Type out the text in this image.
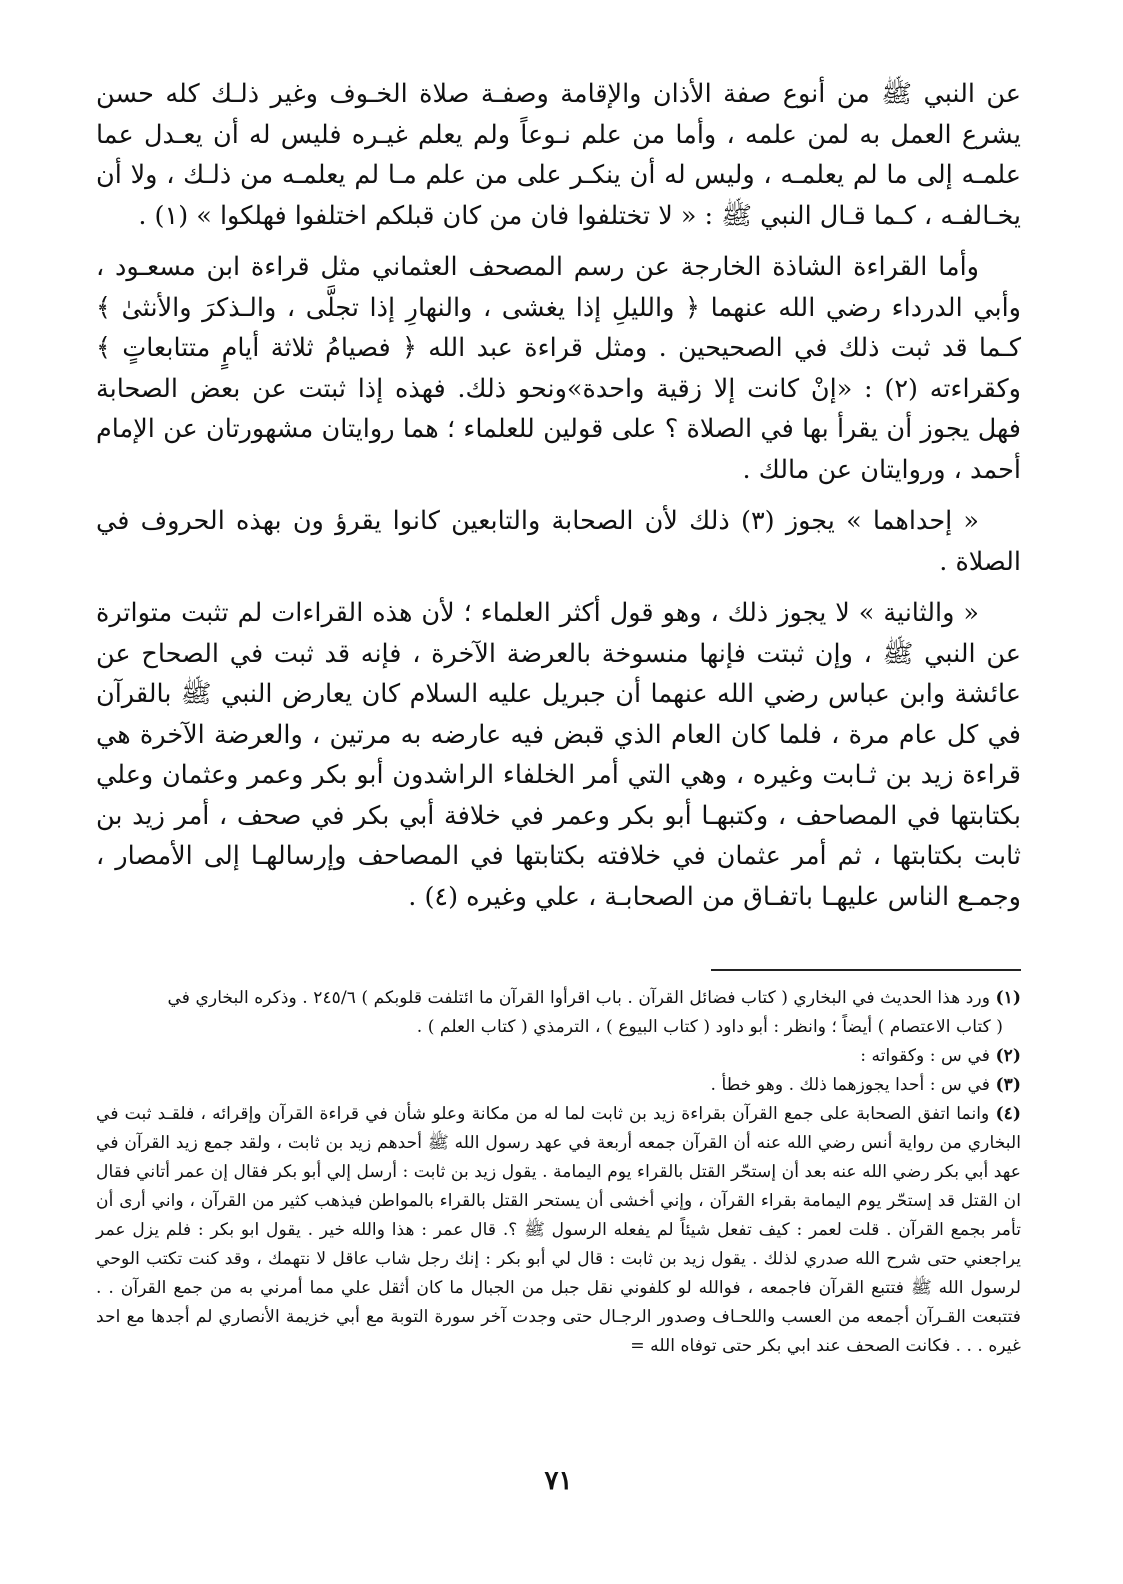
عن النبي ﷺ من أنوع صفة الأذان والإقامة وصفـة صلاة الخـوف وغير ذلـك كله حسن يشرع العمل به لمن علمه ، وأما من علم نـوعاً ولم يعلم غيـره فليس له أن يعـدل عما علمـه إلى ما لم يعلمـه ، وليس له أن ينكـر على من علم مـا لم يعلمـه من ذلـك ، ولا أن يخـالفـه ، كـما قـال النبي ﷺ : « لا تختلفوا فان من كان قبلكم اختلفوا فهلكوا » (١) .

وأما القراءة الشاذة الخارجة عن رسم المصحف العثماني مثل قراءة ابن مسعـود ، وأبي الدرداء رضي الله عنهما ﴿ والليلِ إذا يغشى ، والنهارِ إذا تجلَّى ، والـذكرَ والأنثىٰ ﴾ كـما قد ثبت ذلك في الصحيحين . ومثل قراءة عبد الله ﴿ فصيامُ ثلاثة أيامٍ متتابعاتٍ ﴾ وكقراءته (٢) : «إنْ كانت إلا زقية واحدة»ونحو ذلك. فهذه إذا ثبتت عن بعض الصحابة فهل يجوز أن يقرأ بها في الصلاة ؟ على قولين للعلماء ؛ هما روايتان مشهورتان عن الإمام أحمد ، وروايتان عن مالك .

« إحداهما » يجوز (٣) ذلك لأن الصحابة والتابعين كانوا يقرؤ ون بهذه الحروف في الصلاة .

« والثانية » لا يجوز ذلك ، وهو قول أكثر العلماء ؛ لأن هذه القراءات لم تثبت متواترة عن النبي ﷺ ، وإن ثبتت فإنها منسوخة بالعرضة الآخرة ، فإنه قد ثبت في الصحاح عن عائشة وابن عباس رضي الله عنهما أن جبريل عليه السلام كان يعارض النبي ﷺ بالقرآن في كل عام مرة ، فلما كان العام الذي قبض فيه عارضه به مرتين ، والعرضة الآخرة هي قراءة زيد بن ثـابت وغيره ، وهي التي أمر الخلفاء الراشدون أبو بكر وعمر وعثمان وعلي بكتابتها في المصاحف ، وكتبهـا أبو بكر وعمر في خلافة أبي بكر في صحف ، أمر زيد بن ثابت بكتابتها ، ثم أمر عثمان في خلافته بكتابتها في المصاحف وإرسالهـا إلى الأمصار ، وجمـع الناس عليهـا باتفـاق من الصحابـة ، علي وغيره (٤) .

(١) ورد هذا الحديث في البخاري ( كتاب فضائل القرآن . باب اقرأوا القرآن ما ائتلفت قلوبكم ) ٢٤٥/٦ . وذكره البخاري في

( كتاب الاعتصام ) أيضاً ؛ وانظر : أبو داود ( كتاب البيوع ) ، الترمذي ( كتاب العلم ) .

(٢) في س : وكقواته :

(٣) في س : أحدا يجوزهما ذلك . وهو خطأ .

(٤) وانما اتفق الصحابة على جمع القرآن بقراءة زيد بن ثابت لما له من مكانة وعلو شأن في قراءة القرآن وإقرائه ، فلقـد ثبت في البخاري من رواية أنس رضي الله عنه أن القرآن جمعه أربعة في عهد رسول الله ﷺ أحدهم زيد بن ثابت ، ولقد جمع زيد القرآن في عهد أبي بكر رضي الله عنه بعد أن إستحّر القتل بالقراء يوم اليمامة . يقول زيد بن ثابت : أرسل إلي أبو بكر فقال إن عمر أتاني فقال ان القتل قد إستحّر يوم اليمامة بقراء القرآن ، وإني أخشى أن يستحر القتل بالقراء بالمواطن فيذهب كثير من القرآن ، واني أرى أن تأمر بجمع القرآن . قلت لعمر : كيف تفعل شيئاً لم يفعله الرسول ﷺ ؟. قال عمر : هذا والله خير . يقول ابو بكر : فلم يزل عمر يراجعني حتى شرح الله صدري لذلك . يقول زيد بن ثابت : قال لي أبو بكر : إنك رجل شاب عاقل لا نتهمك ، وقد كنت تكتب الوحي لرسول الله ﷺ فتتبع القرآن فاجمعه ، فوالله لو كلفوني نقل جبل من الجبال ما كان أثقل علي مما أمرني به من جمع القرآن . . فتتبعت القـرآن أجمعه من العسب واللحـاف وصدور الرجـال حتى وجدت آخر سورة التوبة مع أبي خزيمة الأنصاري لم أجدها مع احد غيره . . . فكانت الصحف عند ابي بكر حتى توفاه الله =

٧١
